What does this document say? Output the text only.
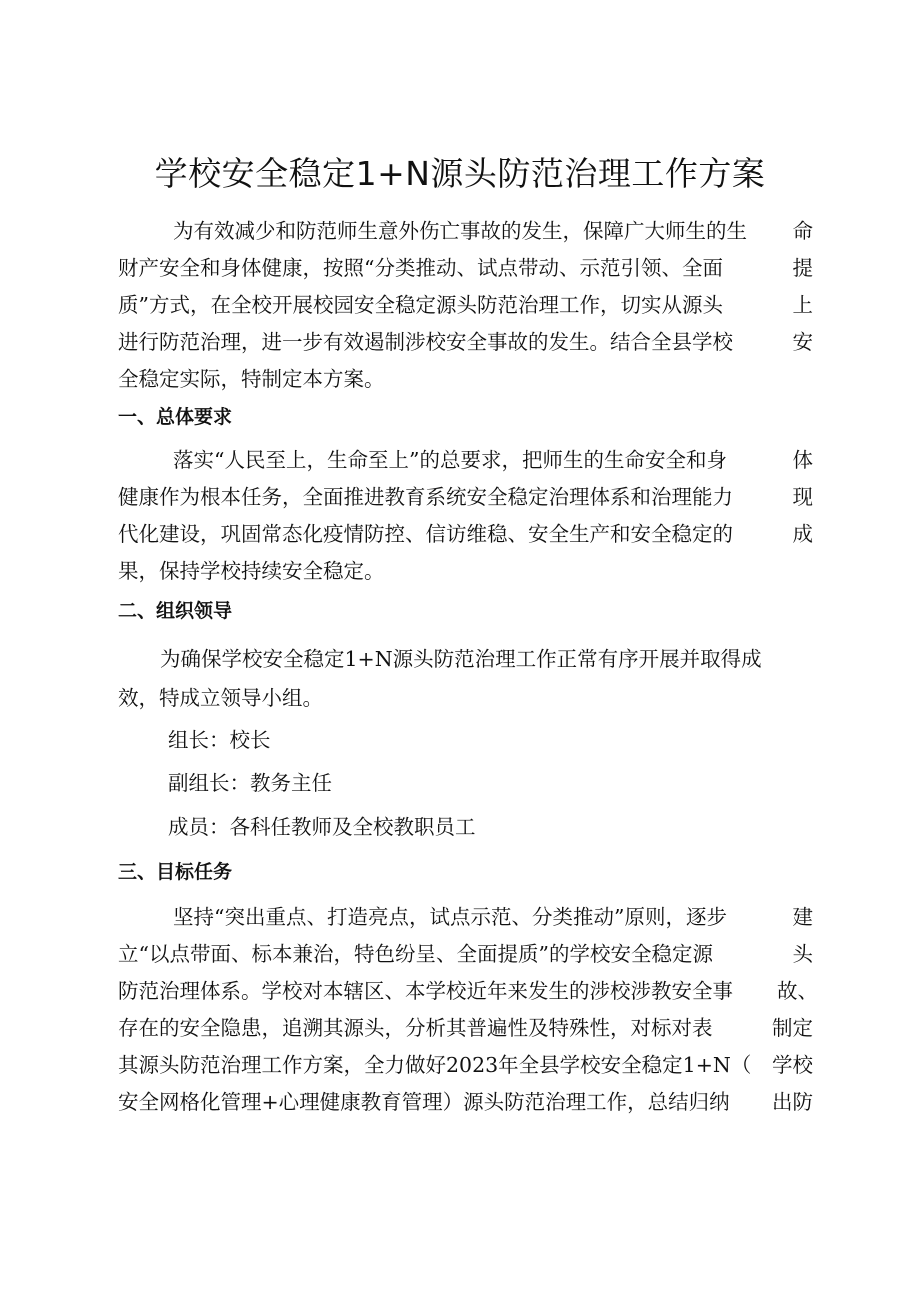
学校安全稳定1+N源头防范治理工作方案
为有效减少和防范师生意外伤亡事故的发生，保障广大师生的生 命
财产安全和身体健康，按照“分类推动、试点带动、示范引领、全面	提
质”方式，在全校开展校园安全稳定源头防范治理工作，切实从源头	上
进行防范治理，进一步有效遏制涉校安全事故的发生。结合全县学校	安
全稳定实际，特制定本方案。
一、总体要求
落实“人民至上，生命至上”的总要求，把师生的生命安全和身	体
健康作为根本任务，全面推进教育系统安全稳定治理体系和治理能力	现
代化建设，巩固常态化疫情防控、信访维稳、安全生产和安全稳定的	成
果，保持学校持续安全稳定。
二、组织领导
为确保学校安全稳定1+N源头防范治理工作正常有序开展并取得成
效，特成立领导小组。
组长：校长
副组长：教务主任
成员：各科任教师及全校教职员工
三、目标任务
坚持“突出重点、打造亮点，试点示范、分类推动”原则，逐步	建
立“以点带面、标本兼治，特色纷呈、全面提质”的学校安全稳定源	头
防范治理体系。学校对本辖区、本学校近年来发生的涉校涉教安全事 故、
存在的安全隐患，追溯其源头，分析其普遍性及特殊性，对标对表	制定
其源头防范治理工作方案，全力做好2023年全县学校安全稳定1+N（ 学校
安全网格化管理+心理健康教育管理）源头防范治理工作，总结归纳 出防
